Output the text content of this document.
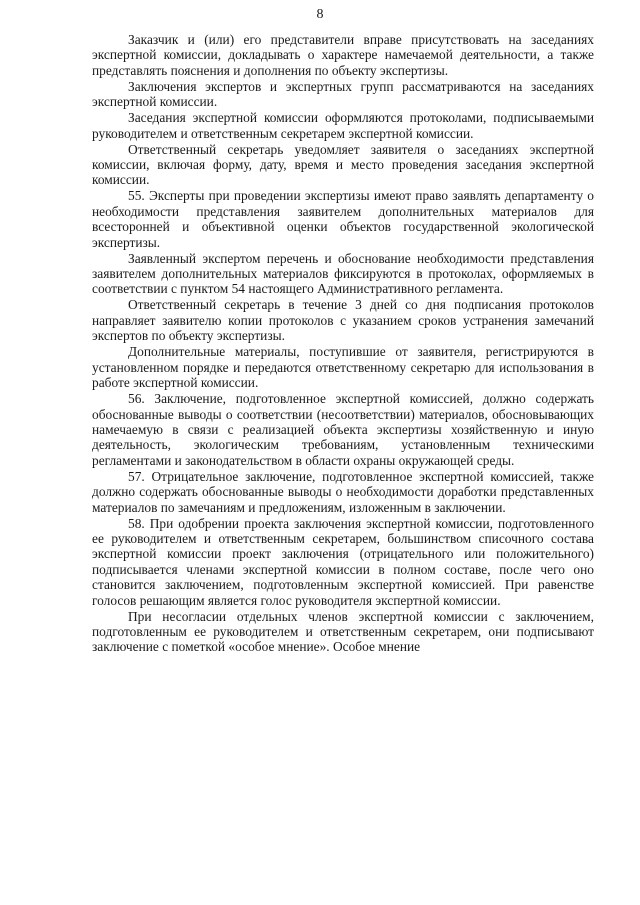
8

Заказчик и (или) его представители вправе присутствовать на заседаниях экспертной комиссии, докладывать о характере намечаемой деятельности, а также представлять пояснения и дополнения по объекту экспертизы.

Заключения экспертов и экспертных групп рассматриваются на заседаниях экспертной комиссии.

Заседания экспертной комиссии оформляются протоколами, подписываемыми руководителем и ответственным секретарем экспертной комиссии.

Ответственный секретарь уведомляет заявителя о заседаниях экспертной комиссии, включая форму, дату, время и место проведения заседания экспертной комиссии.

55. Эксперты при проведении экспертизы имеют право заявлять департаменту о необходимости представления заявителем дополнительных материалов для всесторонней и объективной оценки объектов государственной экологической экспертизы.

Заявленный экспертом перечень и обоснование необходимости представления заявителем дополнительных материалов фиксируются в протоколах, оформляемых в соответствии с пунктом 54 настоящего Административного регламента.

Ответственный секретарь в течение 3 дней со дня подписания протоколов направляет заявителю копии протоколов с указанием сроков устранения замечаний экспертов по объекту экспертизы.

Дополнительные материалы, поступившие от заявителя, регистрируются в установленном порядке и передаются ответственному секретарю для использования в работе экспертной комиссии.

56. Заключение, подготовленное экспертной комиссией, должно содержать обоснованные выводы о соответствии (несоответствии) материалов, обосновывающих намечаемую в связи с реализацией объекта экспертизы хозяйственную и иную деятельность, экологическим требованиям, установленным техническими регламентами и законодательством в области охраны окружающей среды.

57. Отрицательное заключение, подготовленное экспертной комиссией, также должно содержать обоснованные выводы о необходимости доработки представленных материалов по замечаниям и предложениям, изложенным в заключении.

58. При одобрении проекта заключения экспертной комиссии, подготовленного ее руководителем и ответственным секретарем, большинством списочного состава экспертной комиссии проект заключения (отрицательного или положительного) подписывается членами экспертной комиссии в полном составе, после чего оно становится заключением, подготовленным экспертной комиссией. При равенстве голосов решающим является голос руководителя экспертной комиссии.

При несогласии отдельных членов экспертной комиссии с заключением, подготовленным ее руководителем и ответственным секретарем, они подписывают заключение с пометкой «особое мнение». Особое мнение
